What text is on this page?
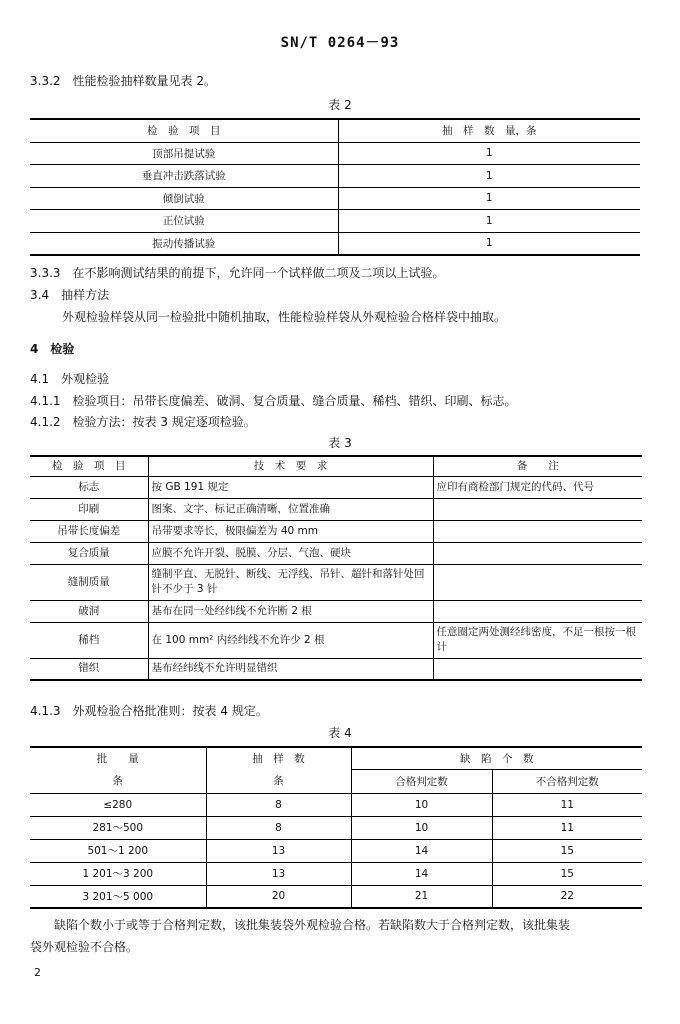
SN/T 0264－93
3.3.2　性能检验抽样数量见表 2。
表 2
检　验　项　目	抽　样　数　量，条
顶部吊提试验	1
垂直冲击跌落试验	1
倾倒试验	1
正位试验	1
振动传播试验	1
3.3.3　在不影响测试结果的前提下，允许同一个试样做二项及二项以上试验。
3.4　抽样方法
外观检验样袋从同一检验批中随机抽取，性能检验样袋从外观检验合格样袋中抽取。
4　检验
4.1　外观检验
4.1.1　检验项目：吊带长度偏差、破洞、复合质量、缝合质量、稀档、错织、印刷、标志。
4.1.2　检验方法：按表 3 规定逐项检验。
表 3
检　验　项　目	技　术　要　求	备　　注
标志	按 GB 191 规定	应印有商检部门规定的代码、代号
印刷	图案、文字、标记正确清晰，位置准确	
吊带长度偏差	吊带要求等长，极限偏差为 40 mm	
复合质量	应膜不允许开裂、脱膜、分层、气泡、硬块	
缝制质量	缝制平直、无脱针、断线、无浮线、吊针、超针和落针处回针不少于 3 针	
破洞	基布在同一处经纬线不允许断 2 根	
稀档	在 100 mm² 内经纬线不允许少 2 根	任意圈定两处测经纬密度，不足一根按一根计
错织	基布经纬线不允许明显错织	
4.1.3　外观检验合格批准则：按表 4 规定。
表 4
批　　量	抽　样　数	缺　陷　个　数	
条	条	合格判定数	不合格判定数
≤280	8	10	11
281～500	8	10	11
501～1 200	13	14	15
1 201～3 200	13	14	15
3 201～5 000	20	21	22
缺陷个数小于或等于合格判定数，该批集装袋外观检验合格。若缺陷数大于合格判定数，该批集装
袋外观检验不合格。
2
